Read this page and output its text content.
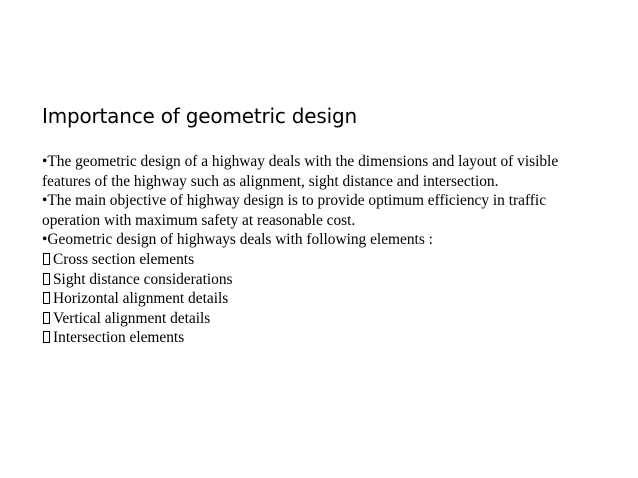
Importance of geometric design

•The geometric design of a highway deals with the dimensions and layout of visible features of the highway such as alignment, sight distance and intersection.

•The main objective of highway design is to provide optimum efficiency in traffic operation with maximum safety at reasonable cost.

•Geometric design of highways deals with following elements :

Cross section elements
Sight distance considerations
Horizontal alignment details
Vertical alignment details
Intersection elements
